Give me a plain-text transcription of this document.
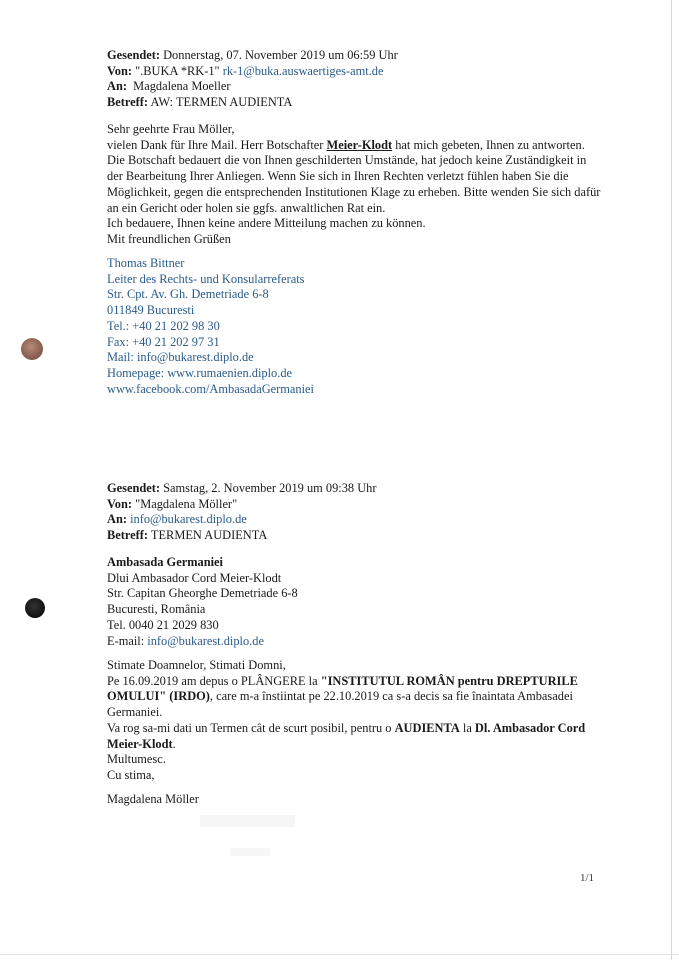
Gesendet: Donnerstag, 07. November 2019 um 06:59 Uhr
Von: ".BUKA *RK-1" rk-1@buka.auswaertiges-amt.de
An: Magdalena Moeller
Betreff: AW: TERMEN AUDIENTA
Sehr geehrte Frau Möller,
vielen Dank für Ihre Mail. Herr Botschafter Meier-Klodt hat mich gebeten, Ihnen zu antworten.
Die Botschaft bedauert die von Ihnen geschilderten Umstände, hat jedoch keine Zuständigkeit in
der Bearbeitung Ihrer Anliegen. Wenn Sie sich in Ihren Rechten verletzt fühlen haben Sie die
Möglichkeit, gegen die entsprechenden Institutionen Klage zu erheben. Bitte wenden Sie sich dafür
an ein Gericht oder holen sie ggfs. anwaltlichen Rat ein.
Ich bedauere, Ihnen keine andere Mitteilung machen zu können.
Mit freundlichen Grüßen
Thomas Bittner
Leiter des Rechts- und Konsularreferats
Str. Cpt. Av. Gh. Demetriade 6-8
011849 Bucuresti
Tel.: +40 21 202 98 30
Fax: +40 21 202 97 31
Mail: info@bukarest.diplo.de
Homepage: www.rumaenien.diplo.de
www.facebook.com/AmbasadaGermaniei
Gesendet: Samstag, 2. November 2019 um 09:38 Uhr
Von: "Magdalena Möller"
An: info@bukarest.diplo.de
Betreff: TERMEN AUDIENTA
Ambasada Germaniei
Dlui Ambasador Cord Meier-Klodt
Str. Capitan Gheorghe Demetriade 6-8
Bucuresti, România
Tel. 0040 21 2029 830
E-mail: info@bukarest.diplo.de
Stimate Doamnelor, Stimati Domni,
Pe 16.09.2019 am depus o PLÂNGERE la "INSTITUTUL ROMÂN pentru DREPTURILE
OMULUI" (IRDO), care m-a înstiintat pe 22.10.2019 ca s-a decis sa fie înaintata Ambasadei
Germaniei.
Va rog sa-mi dati un Termen cât de scurt posibil, pentru o AUDIENTA la Dl. Ambasador Cord
Meier-Klodt.
Multumesc.
Cu stima,
Magdalena Möller
1/1
